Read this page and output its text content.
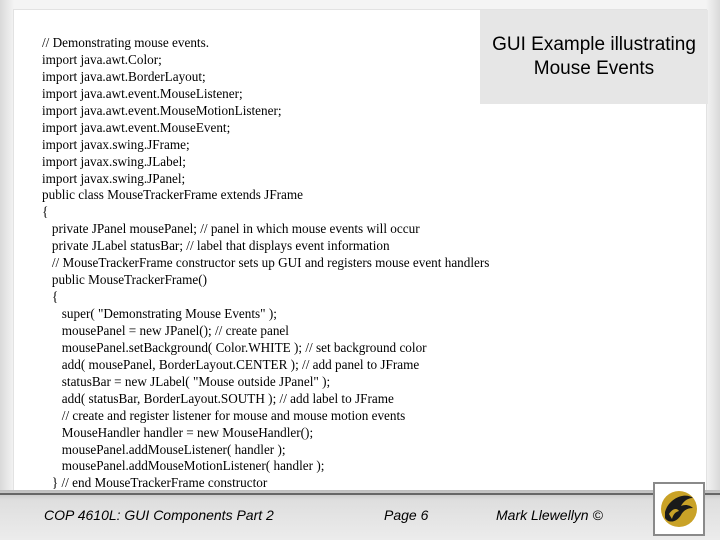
GUI Example illustrating
Mouse Events
// Demonstrating mouse events.
import java.awt.Color;
import java.awt.BorderLayout;
import java.awt.event.MouseListener;
import java.awt.event.MouseMotionListener;
import java.awt.event.MouseEvent;
import javax.swing.JFrame;
import javax.swing.JLabel;
import javax.swing.JPanel;
public class MouseTrackerFrame extends JFrame
{
private JPanel mousePanel; // panel in which mouse events will occur
private JLabel statusBar; // label that displays event information
// MouseTrackerFrame constructor sets up GUI and registers mouse event handlers
public MouseTrackerFrame()
{
super( "Demonstrating Mouse Events" );
mousePanel = new JPanel(); // create panel
mousePanel.setBackground( Color.WHITE ); // set background color
add( mousePanel, BorderLayout.CENTER ); // add panel to JFrame
statusBar = new JLabel( "Mouse outside JPanel" );
add( statusBar, BorderLayout.SOUTH ); // add label to JFrame
// create and register listener for mouse and mouse motion events
MouseHandler handler = new MouseHandler();
mousePanel.addMouseListener( handler );
mousePanel.addMouseMotionListener( handler );
} // end MouseTrackerFrame constructor
COP 4610L: GUI Components Part 2	Page 6	Mark Llewellyn ©
